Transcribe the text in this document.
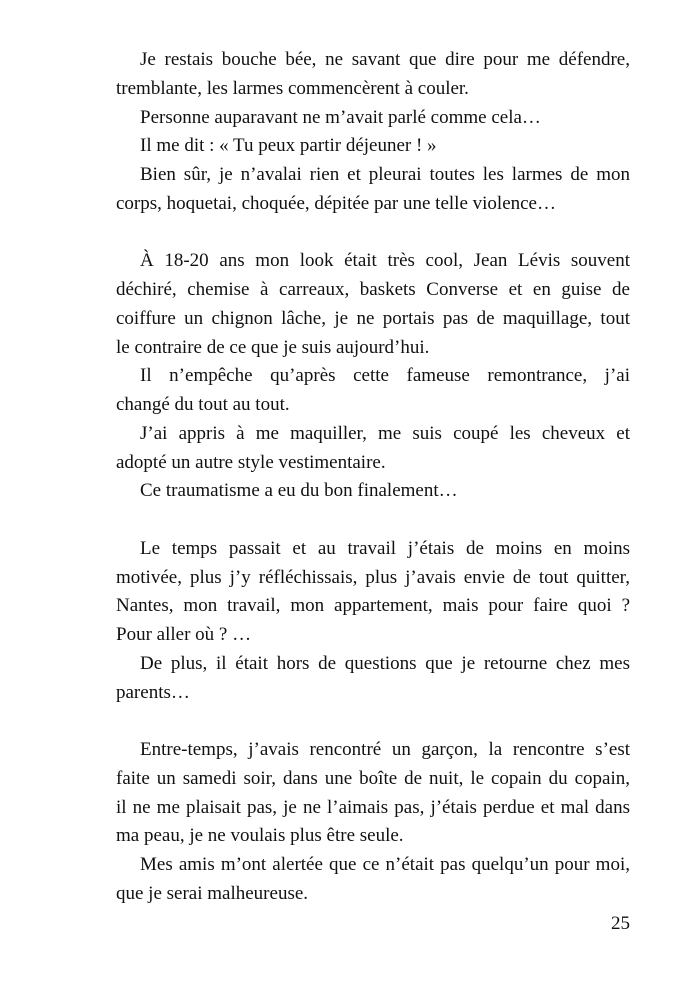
Je restais bouche bée, ne savant que dire pour me défendre,
tremblante, les larmes commencèrent à couler.
Personne auparavant ne m’avait parlé comme cela…
Il me dit : « Tu peux partir déjeuner ! »
Bien sûr, je n’avalai rien et pleurai toutes les larmes de mon
corps, hoquetai, choquée, dépitée par une telle violence…
À 18-20 ans mon look était très cool, Jean Lévis souvent
déchiré, chemise à carreaux, baskets Converse et en guise de
coiffure un chignon lâche, je ne portais pas de maquillage, tout
le contraire de ce que je suis aujourd’hui.
Il n’empêche qu’après cette fameuse remontrance, j’ai
changé du tout au tout.
J’ai appris à me maquiller, me suis coupé les cheveux et
adopté un autre style vestimentaire.
Ce traumatisme a eu du bon finalement…
Le temps passait et au travail j’étais de moins en moins
motivée, plus j’y réfléchissais, plus j’avais envie de tout quitter,
Nantes, mon travail, mon appartement, mais pour faire quoi ?
Pour aller où ? …
De plus, il était hors de questions que je retourne chez mes
parents…
Entre-temps, j’avais rencontré un garçon, la rencontre s’est
faite un samedi soir, dans une boîte de nuit, le copain du copain,
il ne me plaisait pas, je ne l’aimais pas, j’étais perdue et mal dans
ma peau, je ne voulais plus être seule.
Mes amis m’ont alertée que ce n’était pas quelqu’un pour moi,
que je serai malheureuse.
25
